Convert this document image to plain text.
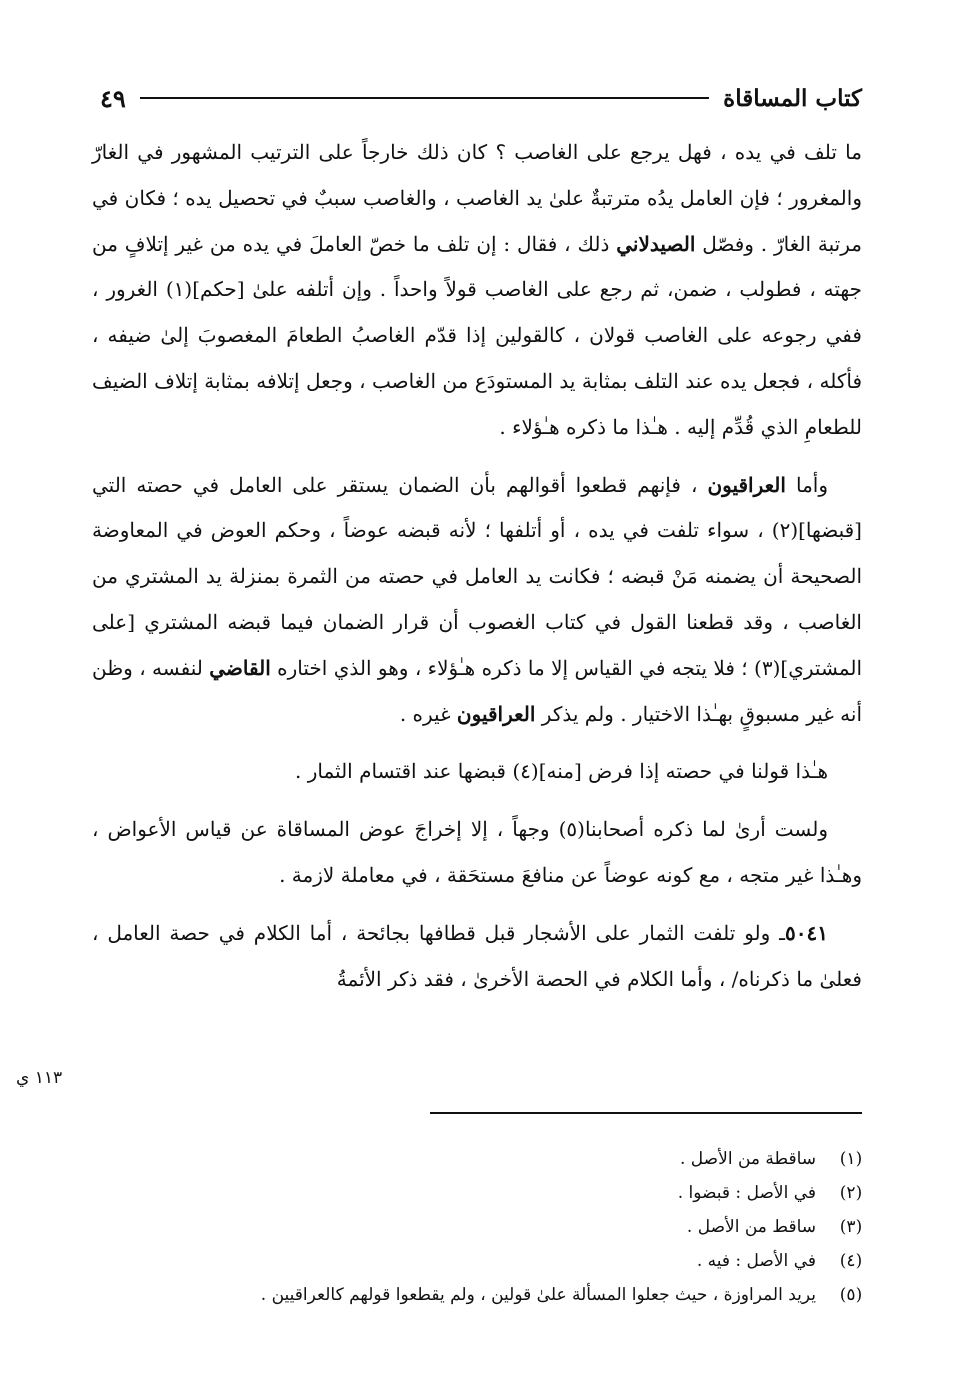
كتاب المساقاة
٤٩

ما تلف في يده ، فهل يرجع على الغاصب ؟ كان ذلك خارجاً على الترتيب المشهور في الغارّ والمغرور ؛ فإن العامل يدُه مترتبةٌ علىٰ يد الغاصب ، والغاصب سببٌ في تحصيل يده ؛ فكان في مرتبة الغارّ . وفصّل الصيدلاني ذلك ، فقال : إن تلف ما خصّ العاملَ في يده من غير إتلافٍ من جهته ، فطولب ، ضمن، ثم رجع على الغاصب قولاً واحداً . وإن أتلفه علىٰ [حكم](١) الغرور ، ففي رجوعه على الغاصب قولان ، كالقولين إذا قدّم الغاصبُ الطعامَ المغصوبَ إلىٰ ضيفه ، فأكله ، فجعل يده عند التلف بمثابة يد المستودَع من الغاصب ، وجعل إتلافه بمثابة إتلاف الضيف للطعامِ الذي قُدِّم إليه . هـٰذا ما ذكره هـٰؤلاء .

وأما العراقيون ، فإنهم قطعوا أقوالهم بأن الضمان يستقر على العامل في حصته التي [قبضها](٢) ، سواء تلفت في يده ، أو أتلفها ؛ لأنه قبضه عوضاً ، وحكم العوض في المعاوضة الصحيحة أن يضمنه مَنْ قبضه ؛ فكانت يد العامل في حصته من الثمرة بمنزلة يد المشتري من الغاصب ، وقد قطعنا القول في كتاب الغصوب أن قرار الضمان فيما قبضه المشتري [على المشتري](٣) ؛ فلا يتجه في القياس إلا ما ذكره هـٰؤلاء ، وهو الذي اختاره القاضي لنفسه ، وظن أنه غير مسبوقٍ بهـٰذا الاختيار . ولم يذكر العراقيون غيره .

هـٰذا قولنا في حصته إذا فرض [منه](٤) قبضها عند اقتسام الثمار .

ولست أرىٰ لما ذكره أصحابنا(٥) وجهاً ، إلا إخراجَ عوض المساقاة عن قياس الأعواض ، وهـٰذا غير متجه ، مع كونه عوضاً عن منافعَ مستحَقة ، في معاملة لازمة .

٥٠٤١ـ ولو تلفت الثمار على الأشجار قبل قطافها بجائحة ، أما الكلام في حصة العامل ، فعلىٰ ما ذكرناه/ ، وأما الكلام في الحصة الأخرىٰ ، فقد ذكر الأئمةُ

١١٣ ي
(١)
ساقطة من الأصل .
(٢)
في الأصل : قبضوا .
(٣)
ساقط من الأصل .
(٤)
في الأصل : فيه .
(٥)
يريد المراوزة ، حيث جعلوا المسألة علىٰ قولين ، ولم يقطعوا قولهم كالعراقيين .
